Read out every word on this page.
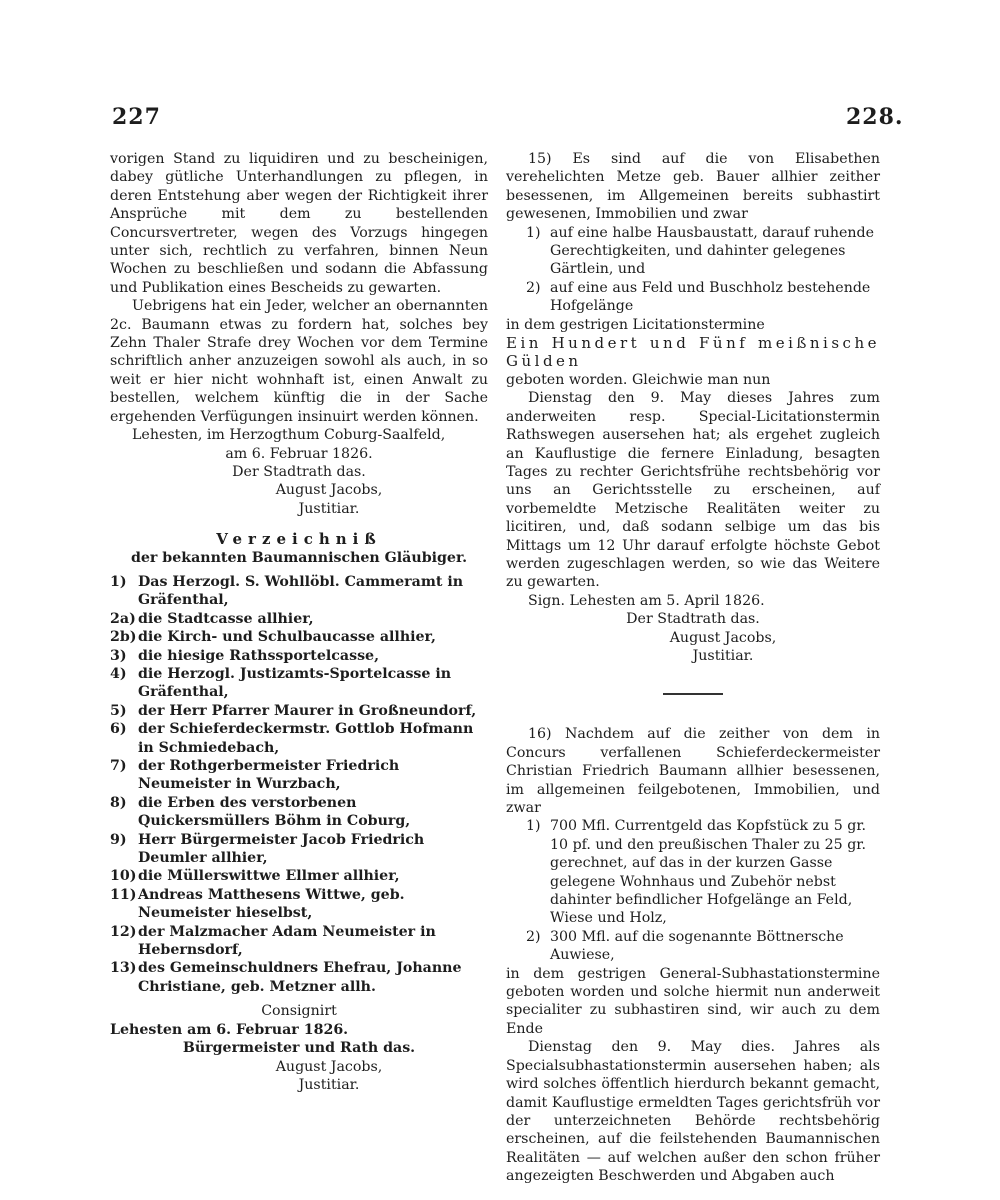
227	228.

vorigen Stand zu liquidiren und zu bescheinigen, dabey gütliche Unterhandlungen zu pflegen, in deren Entstehung aber wegen der Richtigkeit ihrer Ansprüche mit dem zu bestellenden Concursvertreter, wegen des Vorzugs hingegen unter sich, rechtlich zu verfahren, binnen Neun Wochen zu beschließen und sodann die Abfassung und Publikation eines Bescheids zu gewarten.

Uebrigens hat ein Jeder, welcher an obernannten 2c. Baumann etwas zu fordern hat, solches bey Zehn Thaler Strafe drey Wochen vor dem Termine schriftlich anher anzuzeigen sowohl als auch, in so weit er hier nicht wohnhaft ist, einen Anwalt zu bestellen, welchem künftig die in der Sache ergehenden Verfügungen insinuirt werden können.

Lehesten, im Herzogthum Coburg-Saalfeld,

am 6. Februar 1826.
Der Stadtrath das.
August Jacobs,
Justitiar.
Verzeichniß
der bekannten Baumannischen Gläubiger.
1) Das Herzogl. S. Wohllöbl. Cammeramt in Gräfenthal,
2a) die Stadtcasse allhier,
2b)die Kirch- und Schulbaucasse allhier,
3) die hiesige Rathssportelcasse,
4) die Herzogl. Justizamts-Sportelcasse in Gräfenthal,
5) der Herr Pfarrer Maurer in Großneundorf,
6) der Schieferdeckermstr. Gottlob Hofmann in Schmiedebach,
7) der Rothgerbermeister Friedrich Neumeister in Wurzbach,
8) die Erben des verstorbenen Quickersmüllers Böhm in Coburg,
9) Herr Bürgermeister Jacob Friedrich Deumler allhier,
10) die Müllerswittwe Ellmer allhier,
11) Andreas Matthesens Wittwe, geb. Neumeister hieselbst,
12) der Malzmacher Adam Neumeister in Hebernsdorf,
13) des Gemeinschuldners Ehefrau, Johanne Christiane, geb. Metzner allh.
Consignirt
Lehesten am 6. Februar 1826.
Bürgermeister und Rath das.
August Jacobs,
Justitiar.

15) Es sind auf die von Elisabethen verehelichten Metze geb. Bauer allhier zeither besessenen, im Allgemeinen bereits subhastirt gewesenen, Immobilien und zwar

1) auf eine halbe Hausbaustatt, darauf ruhende Gerechtigkeiten, und dahinter gelegenes Gärtlein, und
2) auf eine aus Feld und Buschholz bestehende Hofgelänge

in dem gestrigen Licitationstermine

Ein Hundert und Fünf meißnische Gülden

geboten worden. Gleichwie man nun

Dienstag den 9. May dieses Jahres zum anderweiten resp. Special-Licitationstermin Rathswegen ausersehen hat; als ergehet zugleich an Kauflustige die fernere Einladung, besagten Tages zu rechter Gerichtsfrühe rechtsbehörig vor uns an Gerichtsstelle zu erscheinen, auf vorbemeldte Metzische Realitäten weiter zu licitiren, und, daß sodann selbige um das bis Mittags um 12 Uhr darauf erfolgte höchste Gebot werden zugeschlagen werden, so wie das Weitere zu gewarten.

Sign. Lehesten am 5. April 1826.

Der Stadtrath das.
August Jacobs,
Justitiar.

16) Nachdem auf die zeither von dem in Concurs verfallenen Schieferdeckermeister Christian Friedrich Baumann allhier besessenen, im allgemeinen feilgebotenen, Immobilien, und zwar

1) 700 Mfl. Currentgeld das Kopfstück zu 5 gr. 10 pf. und den preußischen Thaler zu 25 gr. gerechnet, auf das in der kurzen Gasse gelegene Wohnhaus und Zubehör nebst dahinter befindlicher Hofgelänge an Feld, Wiese und Holz,
2) 300 Mfl. auf die sogenannte Böttnersche Auwiese,

in dem gestrigen General-Subhastationstermine geboten worden und solche hiermit nun anderweit specialiter zu subhastiren sind, wir auch zu dem Ende

Dienstag den 9. May dies. Jahres als Specialsubhastationstermin ausersehen haben; als wird solches öffentlich hierdurch bekannt gemacht, damit Kauflustige ermeldten Tages gerichtsfrüh vor der unterzeichneten Behörde rechtsbehörig erscheinen, auf die feilstehenden Baumannischen Realitäten — auf welchen außer den schon früher angezeigten Beschwerden und Abgaben auch
